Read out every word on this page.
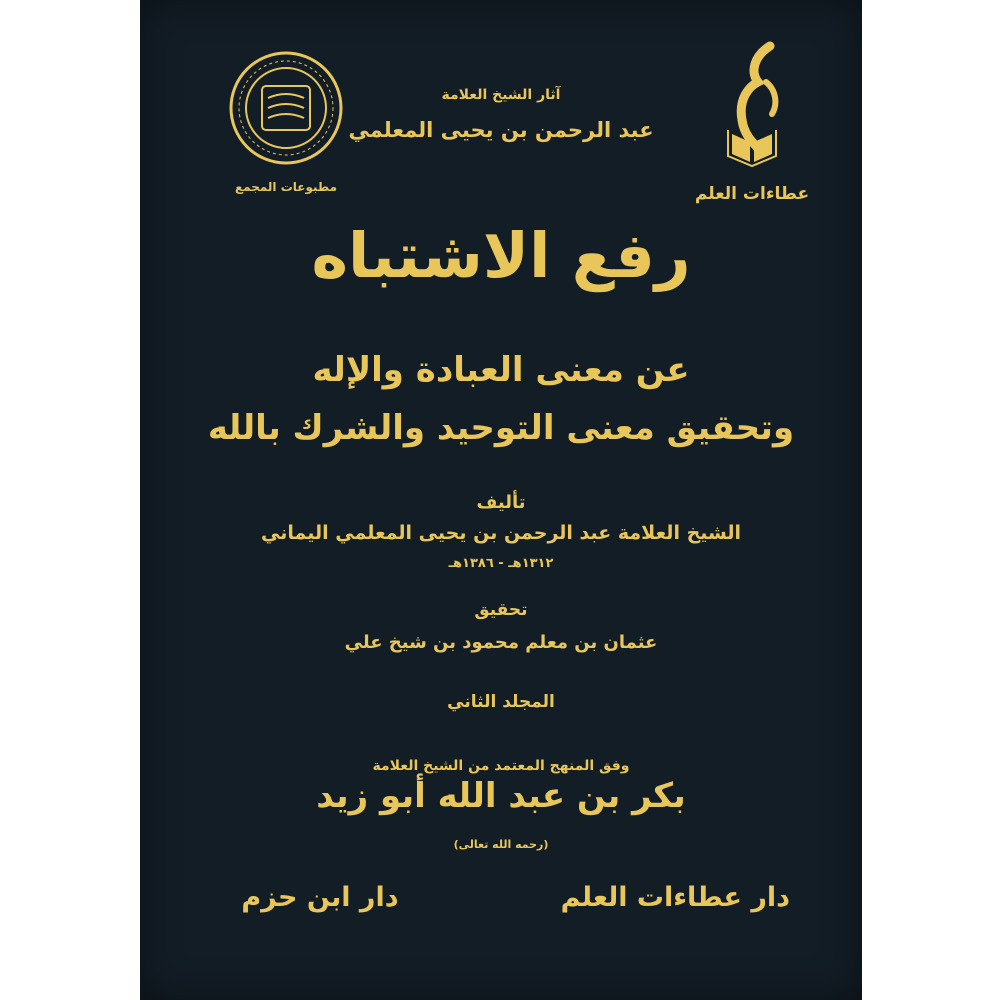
عطاءات العلم
مطبوعات المجمع
آثار الشيخ العلامة
عبد الرحمن بن يحيى المعلمي
رفع الاشتباه
عن معنى العبادة والإله
وتحقيق معنى التوحيد والشرك بالله
تأليف
الشيخ العلامة عبد الرحمن بن يحيى المعلمي اليماني
١٣١٢هـ - ١٣٨٦هـ
تحقيق
عثمان بن معلم محمود بن شيخ علي
المجلد الثاني
وفق المنهج المعتمد من الشيخ العلامة
بكر بن عبد الله أبو زيد
(رحمه الله تعالى)
دار عطاءات العلم
دار ابن حزم
